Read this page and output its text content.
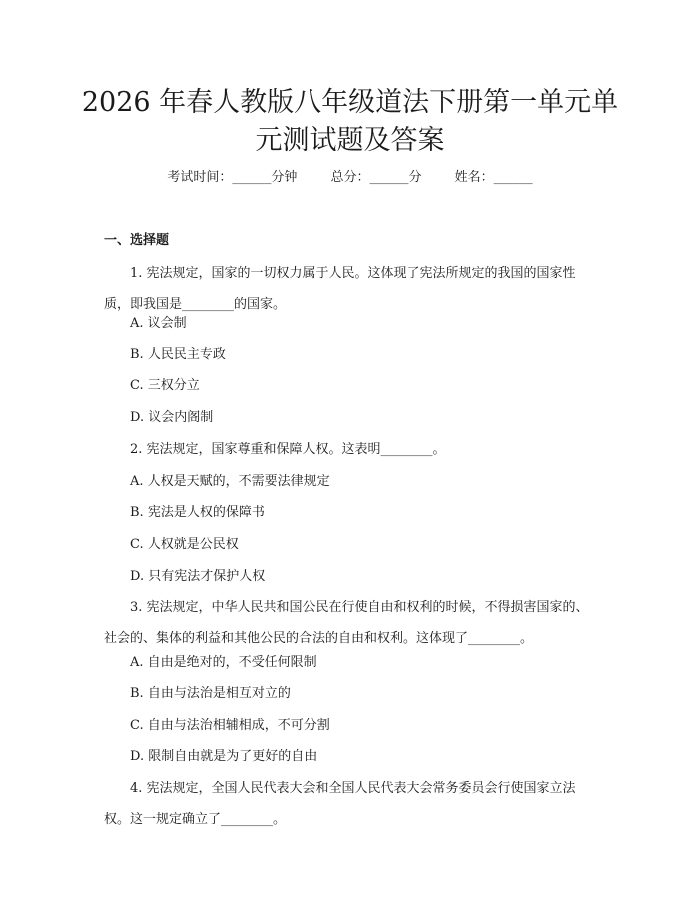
2026 年春人教版八年级道法下册第一单元单
元测试题及答案
考试时间：______分钟	总分：______分	姓名：______
一、选择题

1. 宪法规定，国家的一切权力属于人民。这体现了宪法所规定的我国的国家性质，即我国是________的国家。

A. 议会制

B. 人民民主专政

C. 三权分立

D. 议会内阁制

2. 宪法规定，国家尊重和保障人权。这表明________。

A. 人权是天赋的，不需要法律规定

B. 宪法是人权的保障书

C. 人权就是公民权

D. 只有宪法才保护人权

3. 宪法规定，中华人民共和国公民在行使自由和权利的时候，不得损害国家的、社会的、集体的利益和其他公民的合法的自由和权利。这体现了________。

A. 自由是绝对的，不受任何限制

B. 自由与法治是相互对立的

C. 自由与法治相辅相成，不可分割

D. 限制自由就是为了更好的自由

4. 宪法规定，全国人民代表大会和全国人民代表大会常务委员会行使国家立法权。这一规定确立了________。
